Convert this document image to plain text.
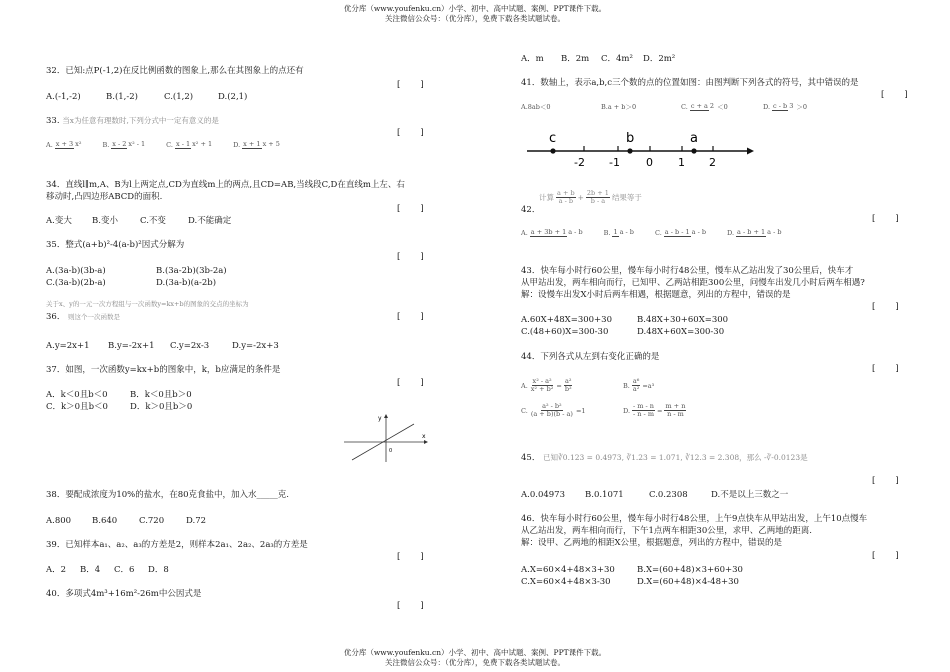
优分库（www.youfenku.cn）小学、初中、高中试题、案例、PPT课件下载。
关注微信公众号：（优分库），免费下载各类试题试卷。
32．已知:点P(-1,2)在反比例函数的图象上,那么在其图象上的点还有
[　　]
A.(-1,-2)	B.(1,-2)	C.(1,2)	D.(2,1)
33. 当x为任意有理数时,下列分式中一定有意义的是
[　　]
A. x + 3 x²	B. x - 2 x² - 1	C. x - 1 x² + 1	D. x + 1 x + 5
34．直线l∥m,A、B为l上两定点,CD为直线m上的两点,且CD=AB,当线段C,D在直线m上左、右
移动时,凸四边形ABCD的面积.
[　　]
A.变大	B.变小	C.不变	D.不能确定
35．整式(a+b)²-4(a-b)²因式分解为
[　　]
A.(3a-b)(3b-a)	B.(3a-2b)(3b-2a)
C.(3a-b)(2b-a)	D.(3a-b)(a-2b)
关于x、y的一元一次方程组与一次函数y=kx+b的图象的交点的坐标为
36． 则这个一次函数是	[　　]
A.y=2x+1	B.y=-2x+1	C.y=2x-3	D.y=-2x+3
37．如图，一次函数y=kx+b的图象中，k，b应满足的条件是
[　　]
A．k＜0且b＜0	B．k＜0且b＞0
C．k＞0且b＜0	D．k＞0且b＞0
x
y
0
38．要配成浓度为10%的盐水，在80克食盐中，加入水_____克.
A.800	B.640	C.720	D.72
39．已知样本a₁、a₂、a₃的方差是2，则样本2a₁、2a₂、2a₃的方差是
[　　]
A．2	B．4	C．6	D．8
40．多项式4m³+16m²-26m中公因式是
[　　]
A．m	B．2m	C．4m²	D．2m²
41．数轴上，表示a,b,c三个数的点的位置如图：由图判断下列各式的符号，其中错误的是
[　　]
A.8ab＜0	B.a + b＞0	C. c + a 2 ＜0	D. c - b 3 ＞0
c	b	a
-2 -1 0 1 2
计算 $\frac{a + b}{a - b} + \frac{2b + 1}{b - a}$ 结果等于
42．
[　　]
A. a + 3b + 1 a - b	B. 1 a - b	C. a - b - 1 a - b	D. a - b + 1 a - b
43．快车每小时行60公里，慢车每小时行48公里，慢车从乙站出发了30公里后，快车才
从甲站出发，两车相向而行，已知甲、乙两站相距300公里，问慢车出发几小时后两车相遇?
解：设慢车出发X小时后两车相遇，根据题意，列出的方程中，错误的是
[　　]
A.60X+48X=300+30	B.48X+30+60X=300
C.(48+60)X=300-30	D.48X+60X=300-30
44．下列各式从左到右变化正确的是
[　　]
A. $\frac{\text{x² - a²}}{\text{x² + b²}} = \frac{\text{a²}}{\text{b²}}$	B. $\frac{\text{a⁶}}{\text{a²}} = a^3$
C. $\frac{\text{a² - b²}}{(a + b)(b - a)} = 1$	D. $\frac{- m - n}{- n - m} = \frac{m + n}{n - m}$
45． 已知∛0.123 = 0.4973, ∛1.23 = 1.071, ∛12.3 = 2.308，那么 -∛-0.0123是
[　　]
A.0.04973	B.0.1071	C.0.2308	D.不是以上三数之一
46．快车每小时行60公里，慢车每小时行48公里，上午9点快车从甲站出发，上午10点慢车
从乙站出发，两车相向而行，下午1点两车相距30公里，求甲、乙两地的距离.
解：设甲、乙两地的相距X公里，根据题意，列出的方程中，错误的是
[　　]
A.X=60×4+48×3+30	B.X=(60+48)×3+60+30
C.X=60×4+48×3-30	D.X=(60+48)×4-48+30
优分库（www.youfenku.cn）小学、初中、高中试题、案例、PPT课件下载。
关注微信公众号：（优分库），免费下载各类试题试卷。
